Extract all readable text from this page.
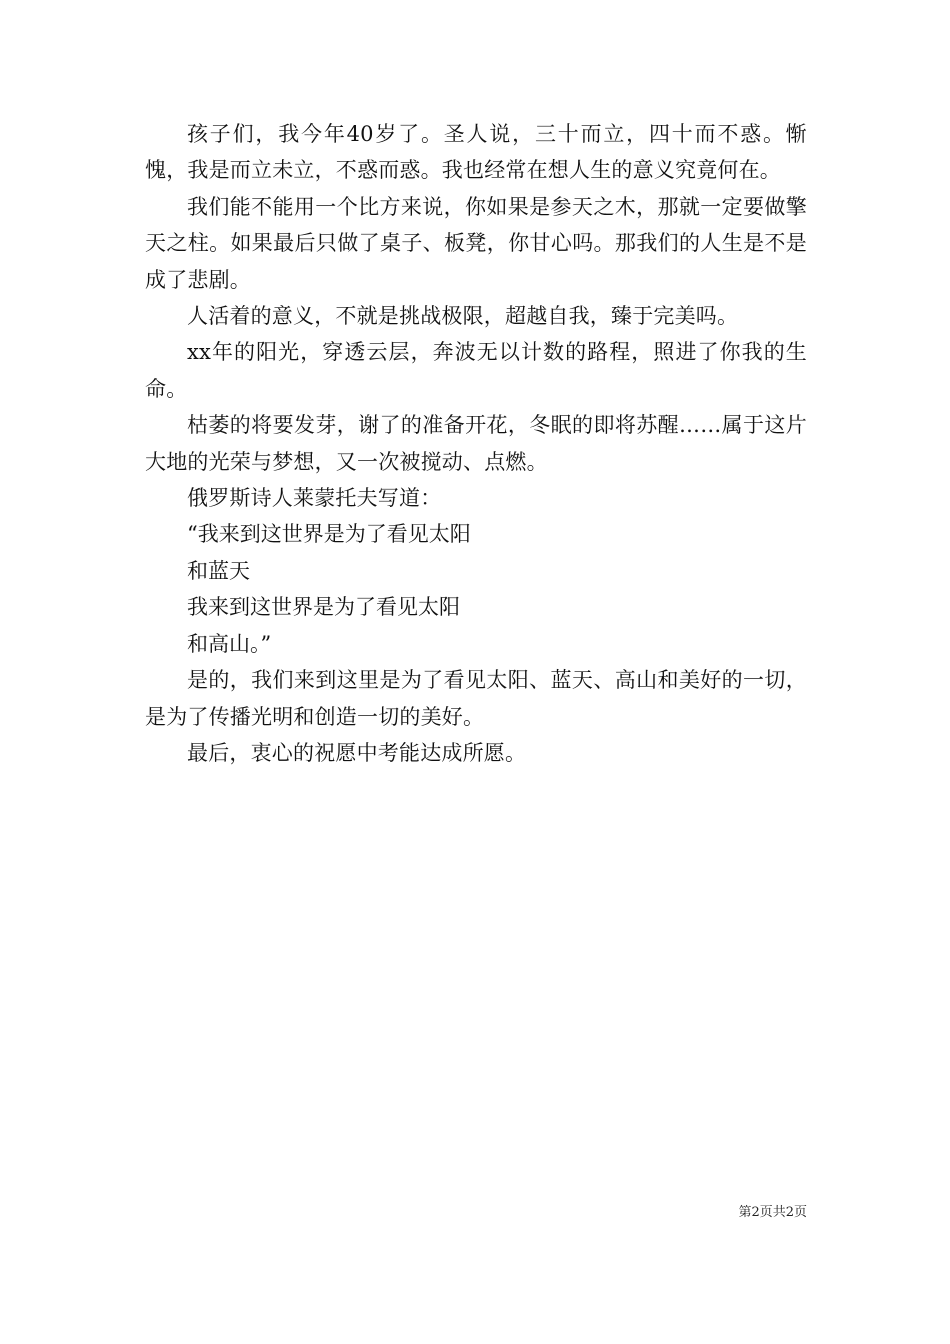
孩子们，我今年40岁了。圣人说，三十而立，四十而不惑。惭愧，我是而立未立，不惑而惑。我也经常在想人生的意义究竟何在。

我们能不能用一个比方来说，你如果是参天之木，那就一定要做擎天之柱。如果最后只做了桌子、板凳，你甘心吗。那我们的人生是不是成了悲剧。

人活着的意义，不就是挑战极限，超越自我，臻于完美吗。

xx年的阳光，穿透云层，奔波无以计数的路程，照进了你我的生命。

枯萎的将要发芽，谢了的准备开花，冬眠的即将苏醒……属于这片大地的光荣与梦想，又一次被搅动、点燃。

俄罗斯诗人莱蒙托夫写道：

“我来到这世界是为了看见太阳

和蓝天

我来到这世界是为了看见太阳

和高山。”

是的，我们来到这里是为了看见太阳、蓝天、高山和美好的一切，是为了传播光明和创造一切的美好。

最后，衷心的祝愿中考能达成所愿。

第2页共2页
